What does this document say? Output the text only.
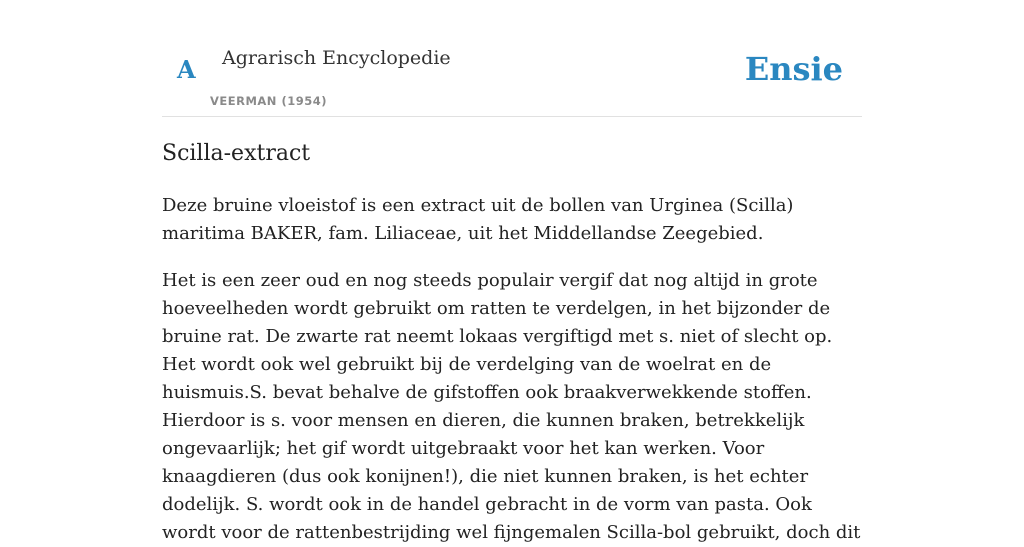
A Agrarisch Encyclopedie
VEERMAN (1954)
Ensie
Scilla-extract

Deze bruine vloeistof is een extract uit de bollen van Urginea (Scilla) maritima BAKER, fam. Liliaceae, uit het Middellandse Zeegebied.

Het is een zeer oud en nog steeds populair vergif dat nog altijd in grote hoeveelheden wordt gebruikt om ratten te verdelgen, in het bijzonder de bruine rat. De zwarte rat neemt lokaas vergiftigd met s. niet of slecht op. Het wordt ook wel gebruikt bij de verdelging van de woelrat en de huismuis.S. bevat behalve de gifstoffen ook braakverwekkende stoffen. Hierdoor is s. voor mensen en dieren, die kunnen braken, betrekkelijk ongevaarlijk; het gif wordt uitgebraakt voor het kan werken. Voor knaagdieren (dus ook konijnen!), die niet kunnen braken, is het echter dodelijk. S. wordt ook in de handel gebracht in de vorm van pasta. Ook wordt voor de rattenbestrijding wel fijngemalen Scilla-bol gebruikt, doch dit
